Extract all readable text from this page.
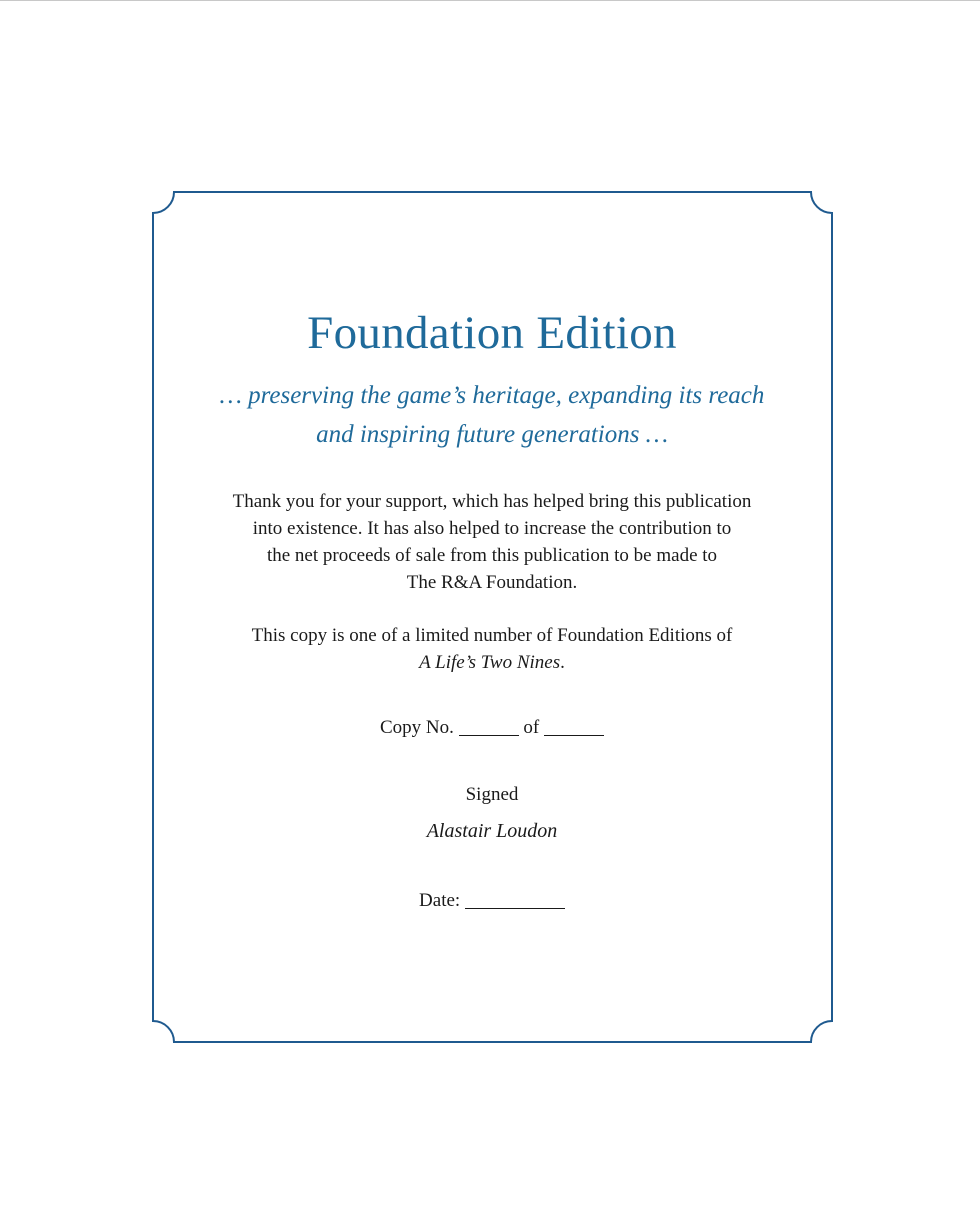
Foundation Edition
… preserving the game’s heritage, expanding its reach
and inspiring future generations …
Thank you for your support, which has helped bring this publication
into existence. It has also helped to increase the contribution to
the net proceeds of sale from this publication to be made to
The R&A Foundation.
This copy is one of a limited number of Foundation Editions of
A Life’s Two Nines.
Copy No.	of
Signed
Alastair Loudon
Date:
